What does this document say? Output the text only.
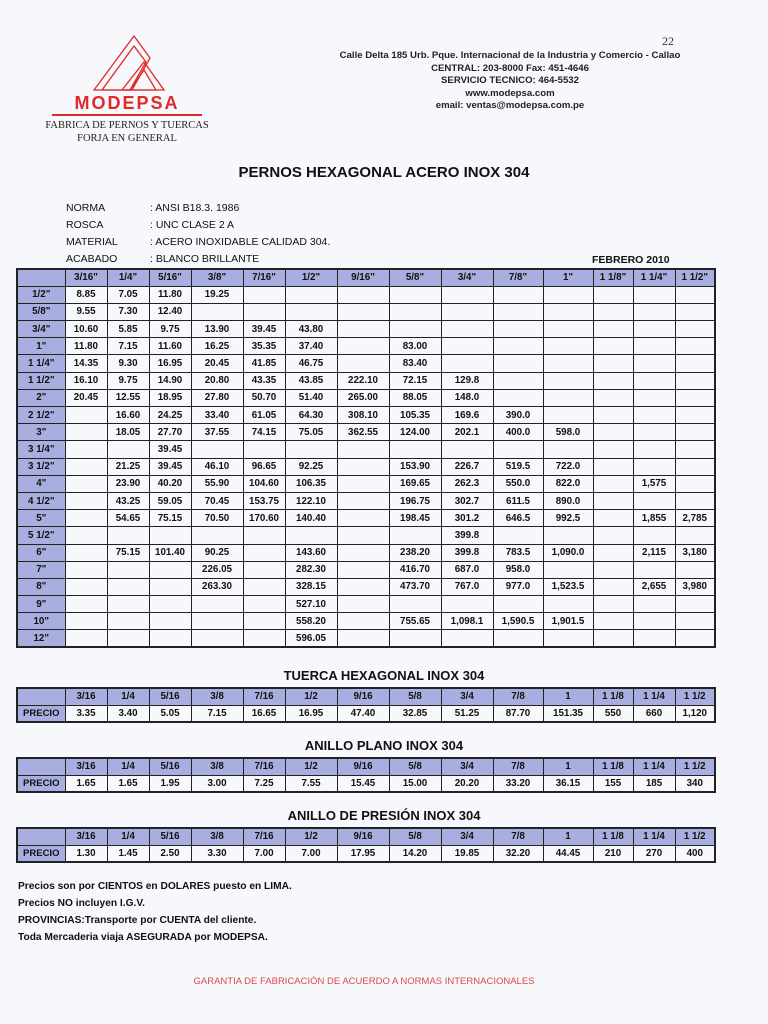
22
MODEPSA
FABRICA DE PERNOS Y TUERCAS
FORJA EN GENERAL
Calle Delta 185 Urb. Pque. Internacional de la Industria y Comercio - Callao
CENTRAL: 203-8000 Fax: 451-4646
SERVICIO TECNICO: 464-5532
www.modepsa.com
email: ventas@modepsa.com.pe
PERNOS HEXAGONAL ACERO INOX 304
NORMA	: ANSI B18.3. 1986
ROSCA	: UNC CLASE 2 A
MATERIAL	: ACERO INOXIDABLE CALIDAD 304.
ACABADO	: BLANCO BRILLANTE	FEBRERO 2010
	3/16"	1/4"	5/16"	3/8"	7/16"	1/2"	9/16"	5/8"	3/4"	7/8"	1"	1 1/8"	1 1/4"	1 1/2"
1/2"	8.85	7.05	11.80	19.25										
5/8"	9.55	7.30	12.40											
3/4"	10.60	5.85	9.75	13.90	39.45	43.80								
1"	11.80	7.15	11.60	16.25	35.35	37.40		83.00						
1 1/4"	14.35	9.30	16.95	20.45	41.85	46.75		83.40						
1 1/2"	16.10	9.75	14.90	20.80	43.35	43.85	222.10	72.15	129.8					
2"	20.45	12.55	18.95	27.80	50.70	51.40	265.00	88.05	148.0					
2 1/2"		16.60	24.25	33.40	61.05	64.30	308.10	105.35	169.6	390.0				
3"		18.05	27.70	37.55	74.15	75.05	362.55	124.00	202.1	400.0	598.0			
3 1/4"			39.45											
3 1/2"		21.25	39.45	46.10	96.65	92.25		153.90	226.7	519.5	722.0			
4"		23.90	40.20	55.90	104.60	106.35		169.65	262.3	550.0	822.0		1,575	
4 1/2"		43.25	59.05	70.45	153.75	122.10		196.75	302.7	611.5	890.0			
5"		54.65	75.15	70.50	170.60	140.40		198.45	301.2	646.5	992.5		1,855	2,785
5 1/2"									399.8					
6"		75.15	101.40	90.25		143.60		238.20	399.8	783.5	1,090.0		2,115	3,180
7"				226.05		282.30		416.70	687.0	958.0				
8"				263.30		328.15		473.70	767.0	977.0	1,523.5		2,655	3,980
9"						527.10								
10"						558.20		755.65	1,098.1	1,590.5	1,901.5			
12"						596.05								
TUERCA HEXAGONAL INOX 304
	3/16	1/4	5/16	3/8	7/16	1/2	9/16	5/8	3/4	7/8	1	1 1/8	1 1/4	1 1/2
PRECIO	3.35	3.40	5.05	7.15	16.65	16.95	47.40	32.85	51.25	87.70	151.35	550	660	1,120
ANILLO PLANO INOX 304
	3/16	1/4	5/16	3/8	7/16	1/2	9/16	5/8	3/4	7/8	1	1 1/8	1 1/4	1 1/2
PRECIO	1.65	1.65	1.95	3.00	7.25	7.55	15.45	15.00	20.20	33.20	36.15	155	185	340
ANILLO DE PRESIÓN INOX 304
	3/16	1/4	5/16	3/8	7/16	1/2	9/16	5/8	3/4	7/8	1	1 1/8	1 1/4	1 1/2
PRECIO	1.30	1.45	2.50	3.30	7.00	7.00	17.95	14.20	19.85	32.20	44.45	210	270	400
Precios son por CIENTOS en DOLARES puesto en LIMA.
Precios NO incluyen I.G.V.
PROVINCIAS:Transporte por CUENTA del cliente.
Toda Mercaderia viaja ASEGURADA por MODEPSA.
GARANTIA DE FABRICACIÓN DE ACUERDO A NORMAS INTERNACIONALES
